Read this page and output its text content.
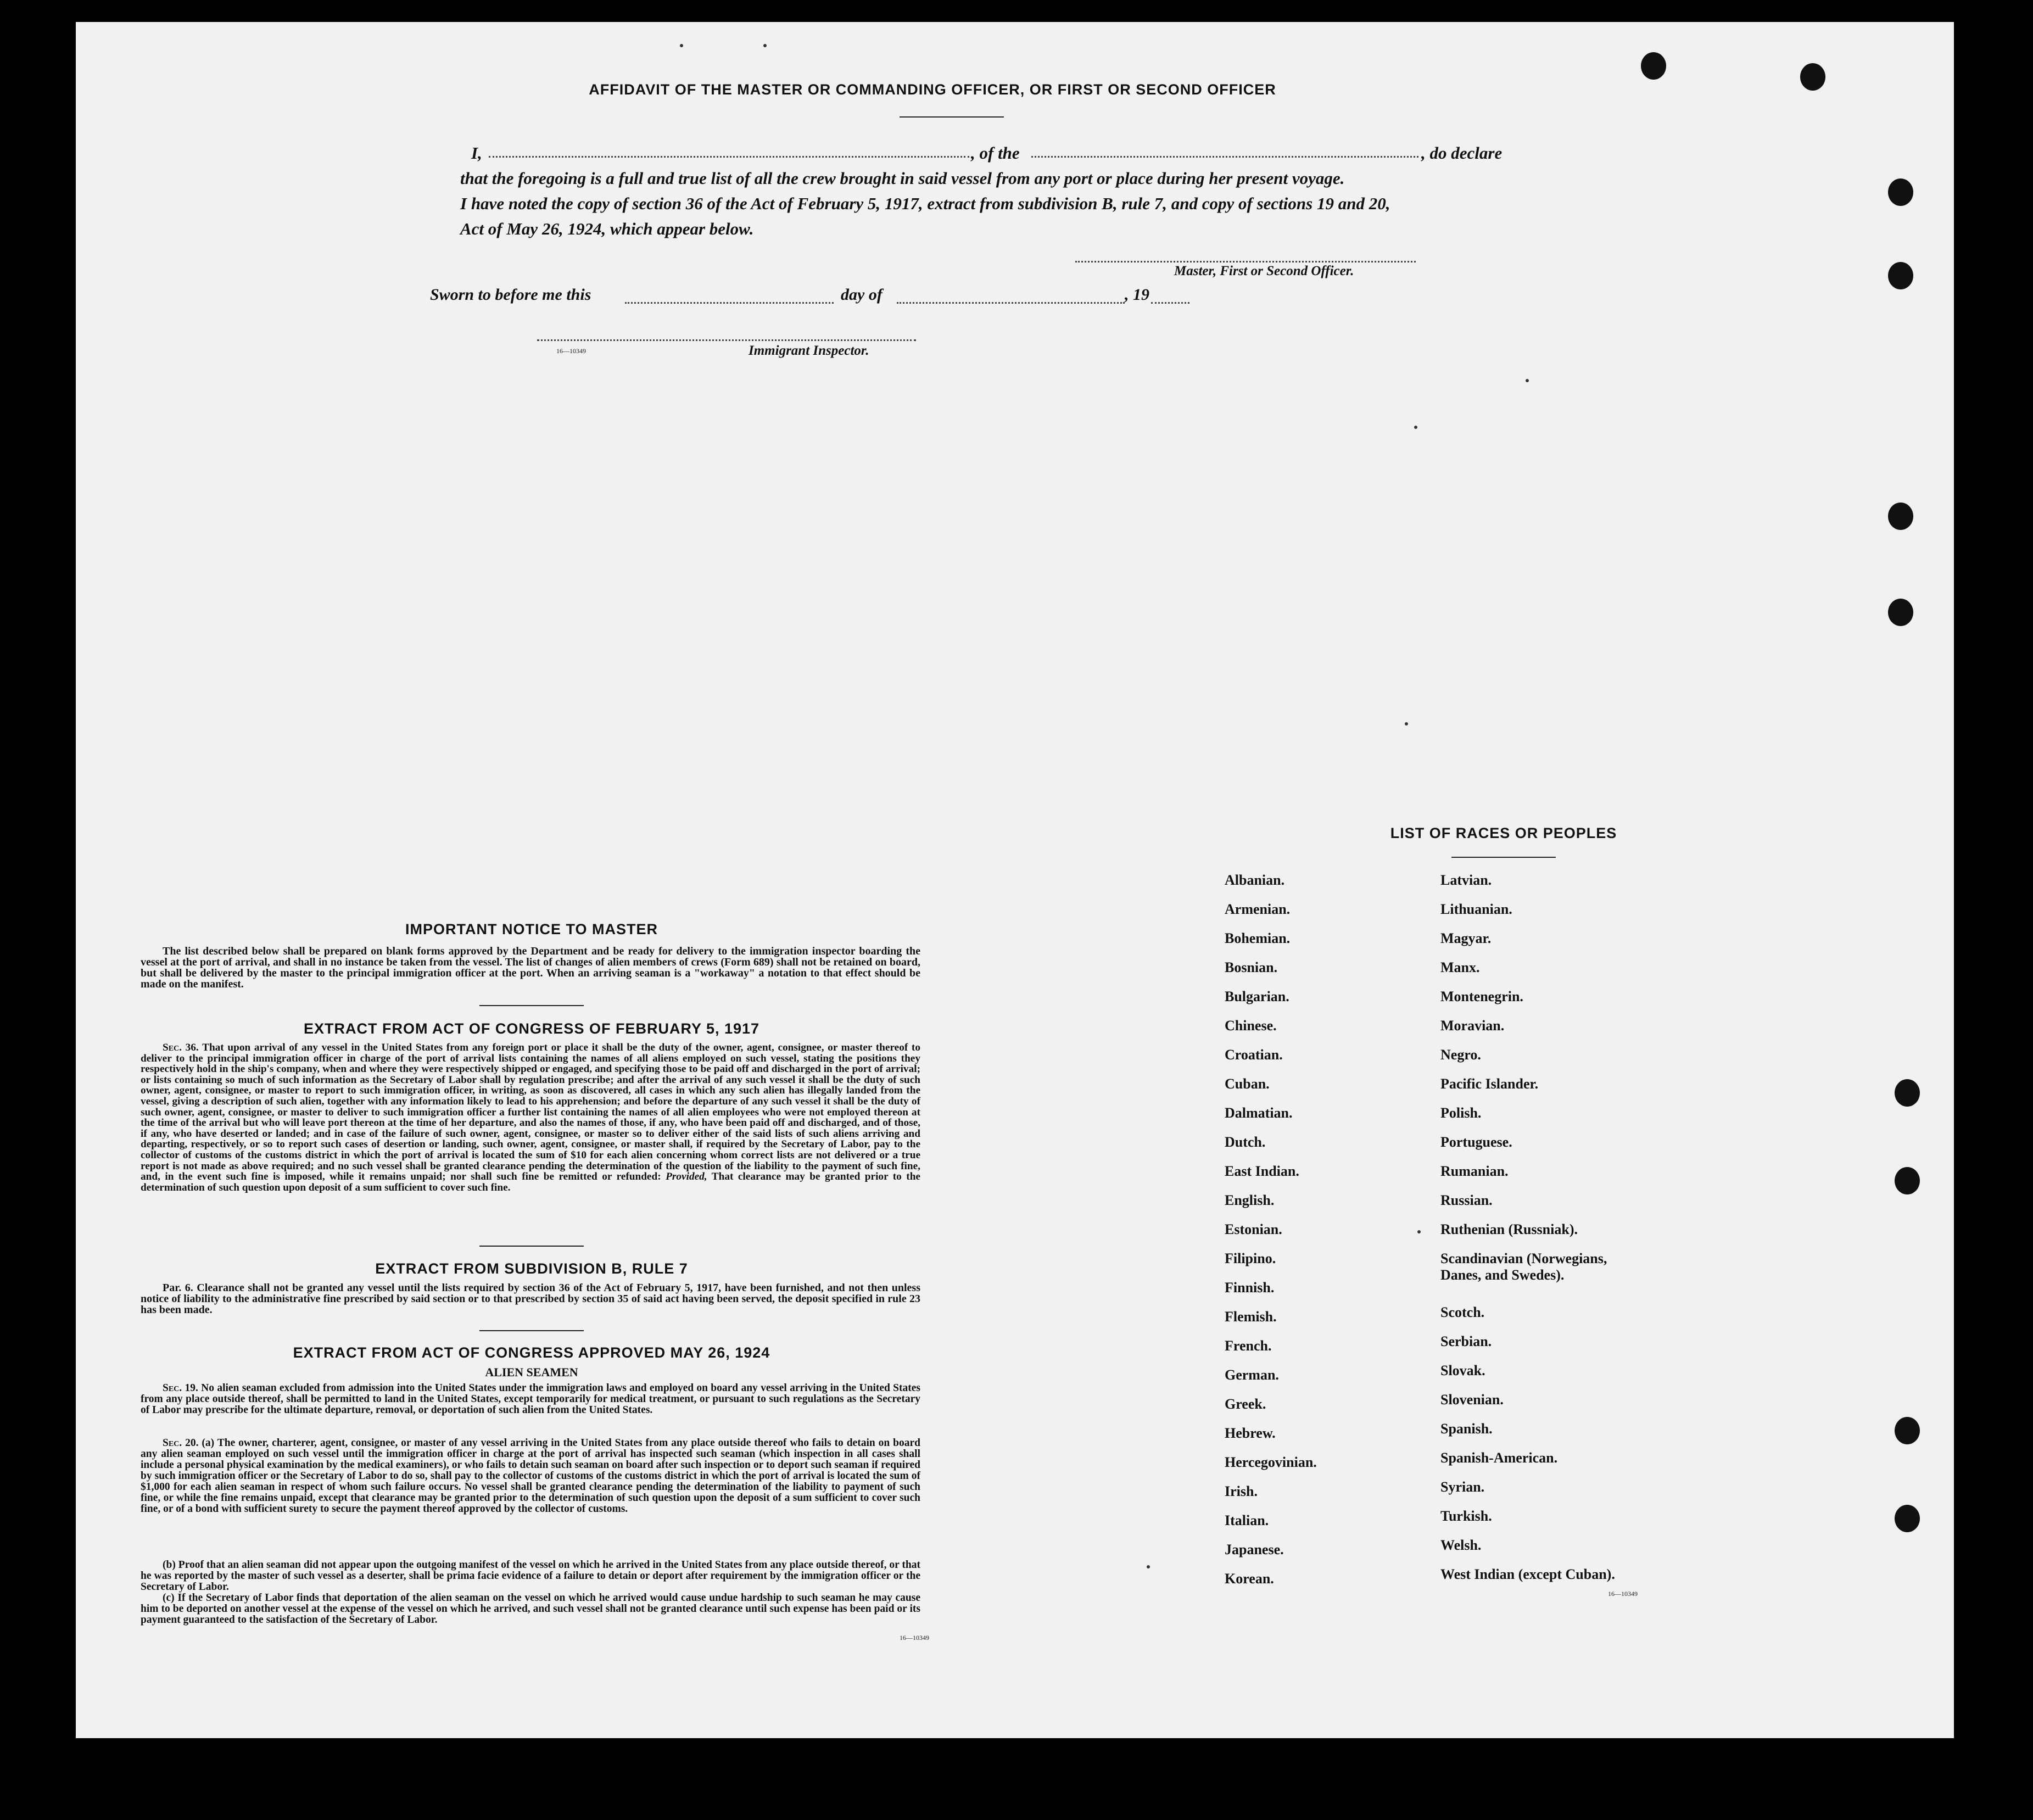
AFFIDAVIT OF THE MASTER OR COMMANDING OFFICER, OR FIRST OR SECOND OFFICER
I,	, of the	, do declare
that the foregoing is a full and true list of all the crew brought in said vessel from any port or place during her present voyage.
I have noted the copy of section 36 of the Act of February 5, 1917, extract from subdivision B, rule 7, and copy of sections 19 and 20,
Act of May 26, 1924, which appear below.
Master, First or Second Officer.
Sworn to before me this	day of	, 19
16—10349	Immigrant Inspector.
IMPORTANT NOTICE TO MASTER
The list described below shall be prepared on blank forms approved by the Department and be ready for delivery to the immigration inspector boarding the vessel at the port of arrival, and shall in no instance be taken from the vessel. The list of changes of alien members of crews (Form 689) shall not be retained on board, but shall be delivered by the master to the principal immigration officer at the port. When an arriving seaman is a "workaway" a notation to that effect should be made on the manifest.
EXTRACT FROM ACT OF CONGRESS OF FEBRUARY 5, 1917
Sec. 36. That upon arrival of any vessel in the United States from any foreign port or place it shall be the duty of the owner, agent, consignee, or master thereof to deliver to the principal immigration officer in charge of the port of arrival lists containing the names of all aliens employed on such vessel, stating the positions they respectively hold in the ship's company, when and where they were respectively shipped or engaged, and specifying those to be paid off and discharged in the port of arrival; or lists containing so much of such information as the Secretary of Labor shall by regulation prescribe; and after the arrival of any such vessel it shall be the duty of such owner, agent, consignee, or master to report to such immigration officer, in writing, as soon as discovered, all cases in which any such alien has illegally landed from the vessel, giving a description of such alien, together with any information likely to lead to his apprehension; and before the departure of any such vessel it shall be the duty of such owner, agent, consignee, or master to deliver to such immigration officer a further list containing the names of all alien employees who were not employed thereon at the time of the arrival but who will leave port thereon at the time of her departure, and also the names of those, if any, who have been paid off and discharged, and of those, if any, who have deserted or landed; and in case of the failure of such owner, agent, consignee, or master so to deliver either of the said lists of such aliens arriving and departing, respectively, or so to report such cases of desertion or landing, such owner, agent, consignee, or master shall, if required by the Secretary of Labor, pay to the collector of customs of the customs district in which the port of arrival is located the sum of $10 for each alien concerning whom correct lists are not delivered or a true report is not made as above required; and no such vessel shall be granted clearance pending the determination of the question of the liability to the payment of such fine, and, in the event such fine is imposed, while it remains unpaid; nor shall such fine be remitted or refunded: Provided, That clearance may be granted prior to the determination of such question upon deposit of a sum sufficient to cover such fine.
EXTRACT FROM SUBDIVISION B, RULE 7
Par. 6. Clearance shall not be granted any vessel until the lists required by section 36 of the Act of February 5, 1917, have been furnished, and not then unless notice of liability to the administrative fine prescribed by said section or to that prescribed by section 35 of said act having been served, the deposit specified in rule 23 has been made.
EXTRACT FROM ACT OF CONGRESS APPROVED MAY 26, 1924
ALIEN SEAMEN
Sec. 19. No alien seaman excluded from admission into the United States under the immigration laws and employed on board any vessel arriving in the United States from any place outside thereof, shall be permitted to land in the United States, except temporarily for medical treatment, or pursuant to such regulations as the Secretary of Labor may prescribe for the ultimate departure, removal, or deportation of such alien from the United States.
Sec. 20. (a) The owner, charterer, agent, consignee, or master of any vessel arriving in the United States from any place outside thereof who fails to detain on board any alien seaman employed on such vessel until the immigration officer in charge at the port of arrival has inspected such seaman (which inspection in all cases shall include a personal physical examination by the medical examiners), or who fails to detain such seaman on board after such inspection or to deport such seaman if required by such immigration officer or the Secretary of Labor to do so, shall pay to the collector of customs of the customs district in which the port of arrival is located the sum of $1,000 for each alien seaman in respect of whom such failure occurs. No vessel shall be granted clearance pending the determination of the liability to payment of such fine, or while the fine remains unpaid, except that clearance may be granted prior to the determination of such question upon the deposit of a sum sufficient to cover such fine, or of a bond with sufficient surety to secure the payment thereof approved by the collector of customs.
(b) Proof that an alien seaman did not appear upon the outgoing manifest of the vessel on which he arrived in the United States from any place outside thereof, or that he was reported by the master of such vessel as a deserter, shall be prima facie evidence of a failure to detain or deport after requirement by the immigration officer or the Secretary of Labor.
(c) If the Secretary of Labor finds that deportation of the alien seaman on the vessel on which he arrived would cause undue hardship to such seaman he may cause him to be deported on another vessel at the expense of the vessel on which he arrived, and such vessel shall not be granted clearance until such expense has been paid or its payment guaranteed to the satisfaction of the Secretary of Labor.
16—10349
LIST OF RACES OR PEOPLES
16—10349
Albanian.
Armenian.
Bohemian.
Bosnian.
Bulgarian.
Chinese.
Croatian.
Cuban.
Dalmatian.
Dutch.
East Indian.
English.
Estonian.
Filipino.
Finnish.
Flemish.
French.
German.
Greek.
Hebrew.
Hercegovinian.
Irish.
Italian.
Japanese.
Korean.
Latvian.
Lithuanian.
Magyar.
Manx.
Montenegrin.
Moravian.
Negro.
Pacific Islander.
Polish.
Portuguese.
Rumanian.
Russian.
Ruthenian (Russniak).
Scandinavian (Norwegians, Danes, and Swedes).
Scotch.
Serbian.
Slovak.
Slovenian.
Spanish.
Spanish-American.
Syrian.
Turkish.
Welsh.
West Indian (except Cuban).
